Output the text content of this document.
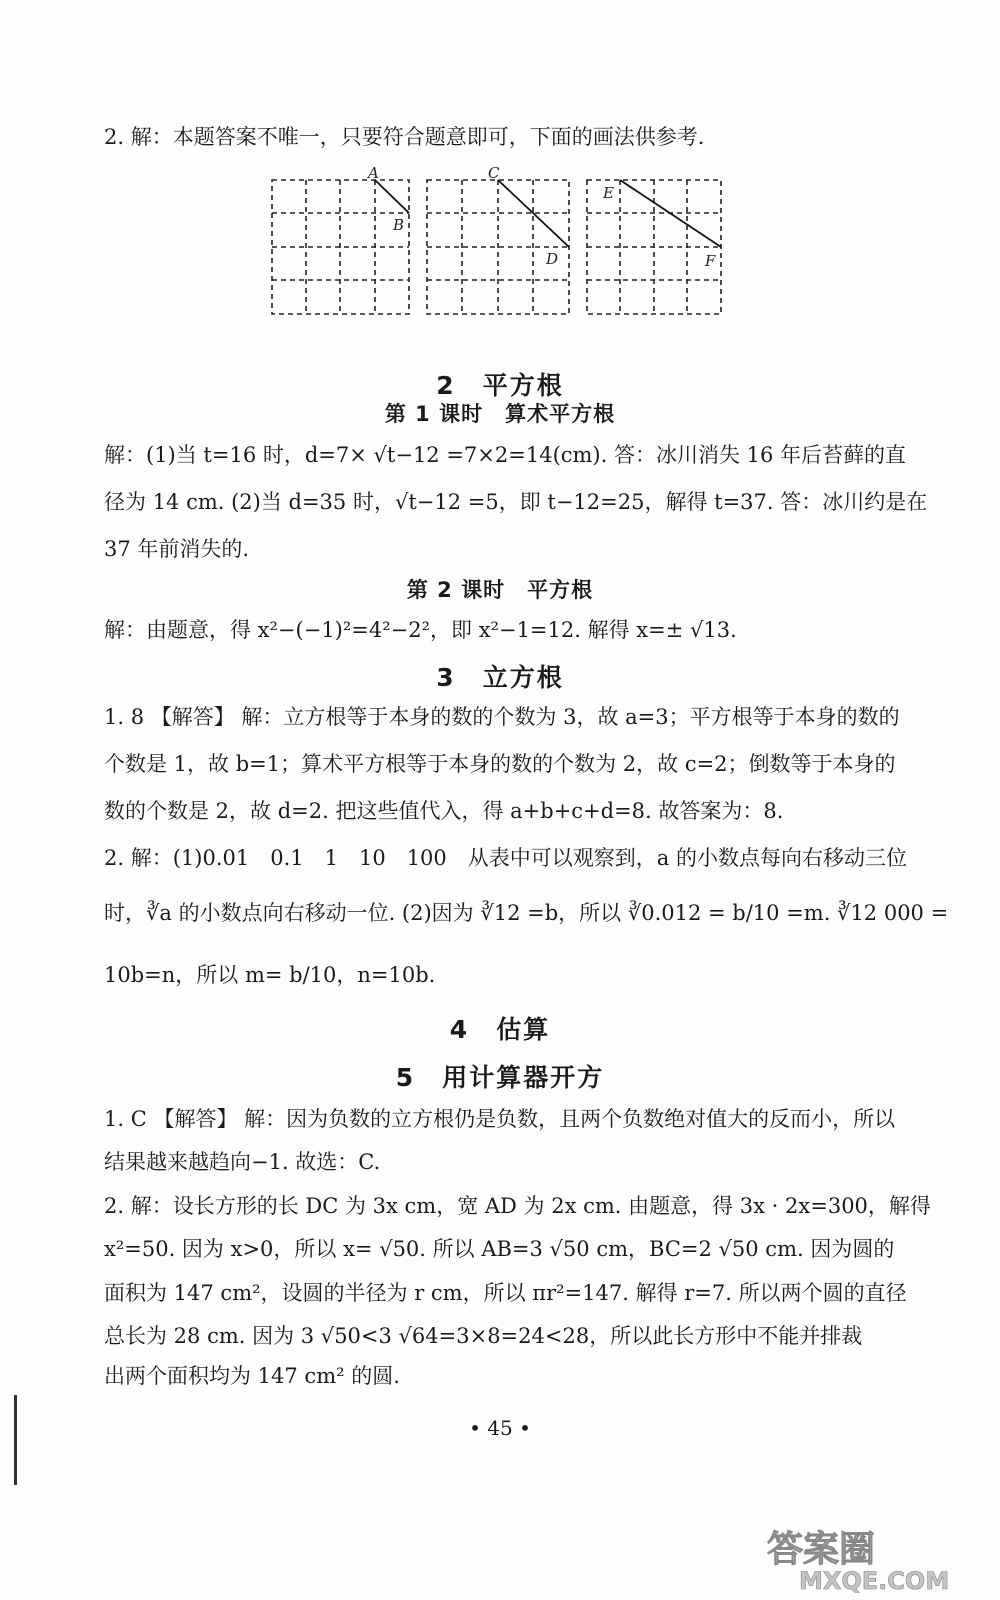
2. 解：本题答案不唯一，只要符合题意即可，下面的画法供参考.
A
B
C
D
E
F
2　平方根
第 1 课时　算术平方根
解：(1)当 t=16 时，d=7× √t−12 =7×2=14(cm). 答：冰川消失 16 年后苔藓的直
径为 14 cm. (2)当 d=35 时，√t−12 =5，即 t−12=25，解得 t=37. 答：冰川约是在
37 年前消失的.
第 2 课时　平方根
解：由题意，得 x²−(−1)²=4²−2²，即 x²−1=12. 解得 x=± √13.
3　立方根
1. 8 【解答】 解：立方根等于本身的数的个数为 3，故 a=3；平方根等于本身的数的
个数是 1，故 b=1；算术平方根等于本身的数的个数为 2，故 c=2；倒数等于本身的
数的个数是 2，故 d=2. 把这些值代入，得 a+b+c+d=8. 故答案为：8.
2. 解：(1)0.01　0.1　1　10　100　从表中可以观察到，a 的小数点每向右移动三位
时，∛a 的小数点向右移动一位. (2)因为 ∛12 =b，所以 ∛0.012 = b/10 =m. ∛12 000 =
10b=n，所以 m= b/10，n=10b.
4　估算
5　用计算器开方
1. C 【解答】 解：因为负数的立方根仍是负数，且两个负数绝对值大的反而小，所以
结果越来越趋向−1. 故选：C.
2. 解：设长方形的长 DC 为 3x cm，宽 AD 为 2x cm. 由题意，得 3x · 2x=300，解得
x²=50. 因为 x>0，所以 x= √50. 所以 AB=3 √50 cm，BC=2 √50 cm. 因为圆的
面积为 147 cm²，设圆的半径为 r cm，所以 πr²=147. 解得 r=7. 所以两个圆的直径
总长为 28 cm. 因为 3 √50<3 √64=3×8=24<28，所以此长方形中不能并排裁
出两个面积均为 147 cm² 的圆.
• 45 •
答案圈
MXQE.COM
